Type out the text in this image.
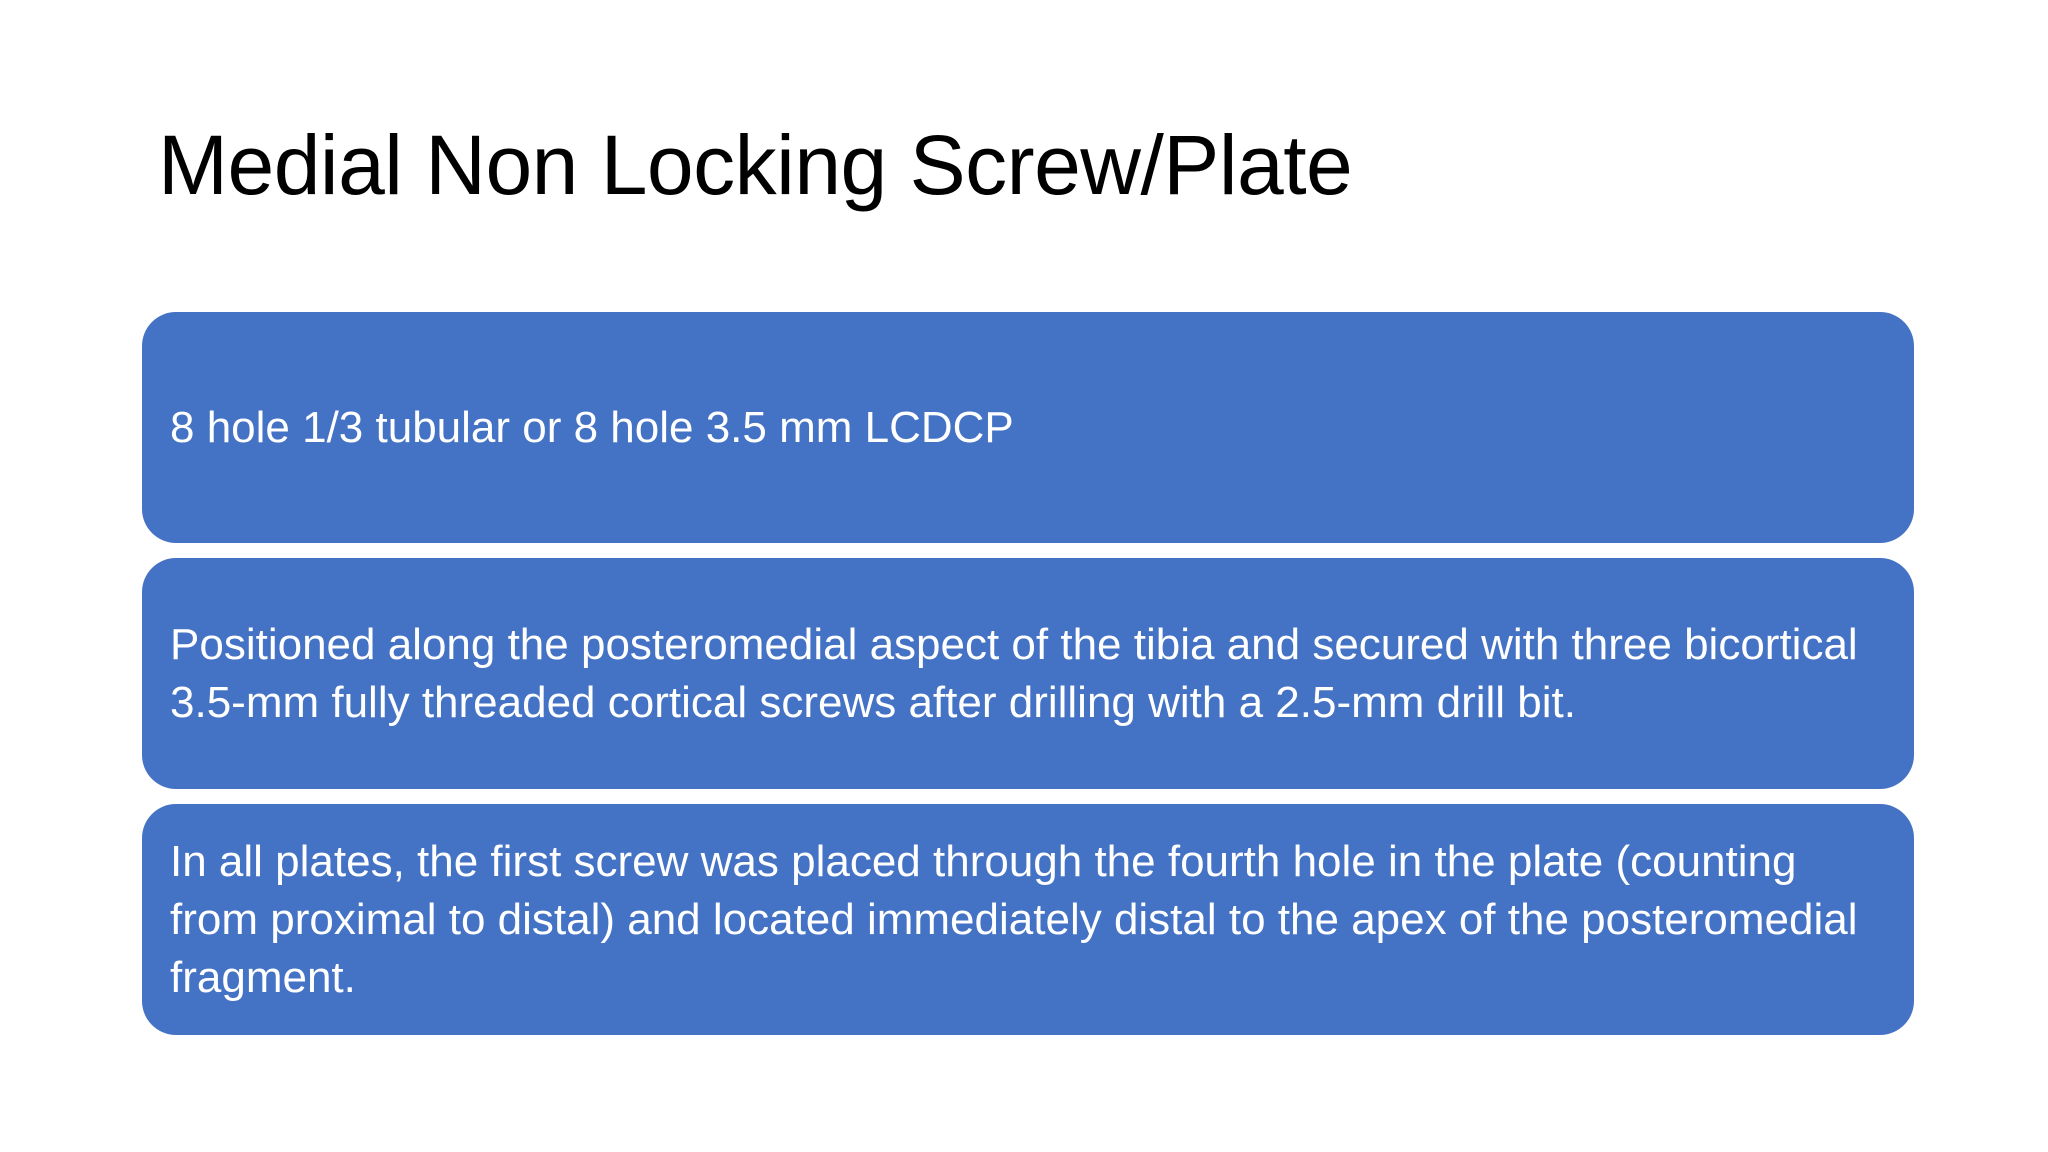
Medial Non Locking Screw/Plate
8 hole 1/3 tubular or 8 hole 3.5 mm LCDCP
Positioned along the posteromedial aspect of the tibia and secured with three bicortical 3.5-mm fully threaded cortical screws after drilling with a 2.5-mm drill bit.
In all plates, the first screw was placed through the fourth hole in the plate (counting from proximal to distal) and located immediately distal to the apex of the posteromedial fragment.
